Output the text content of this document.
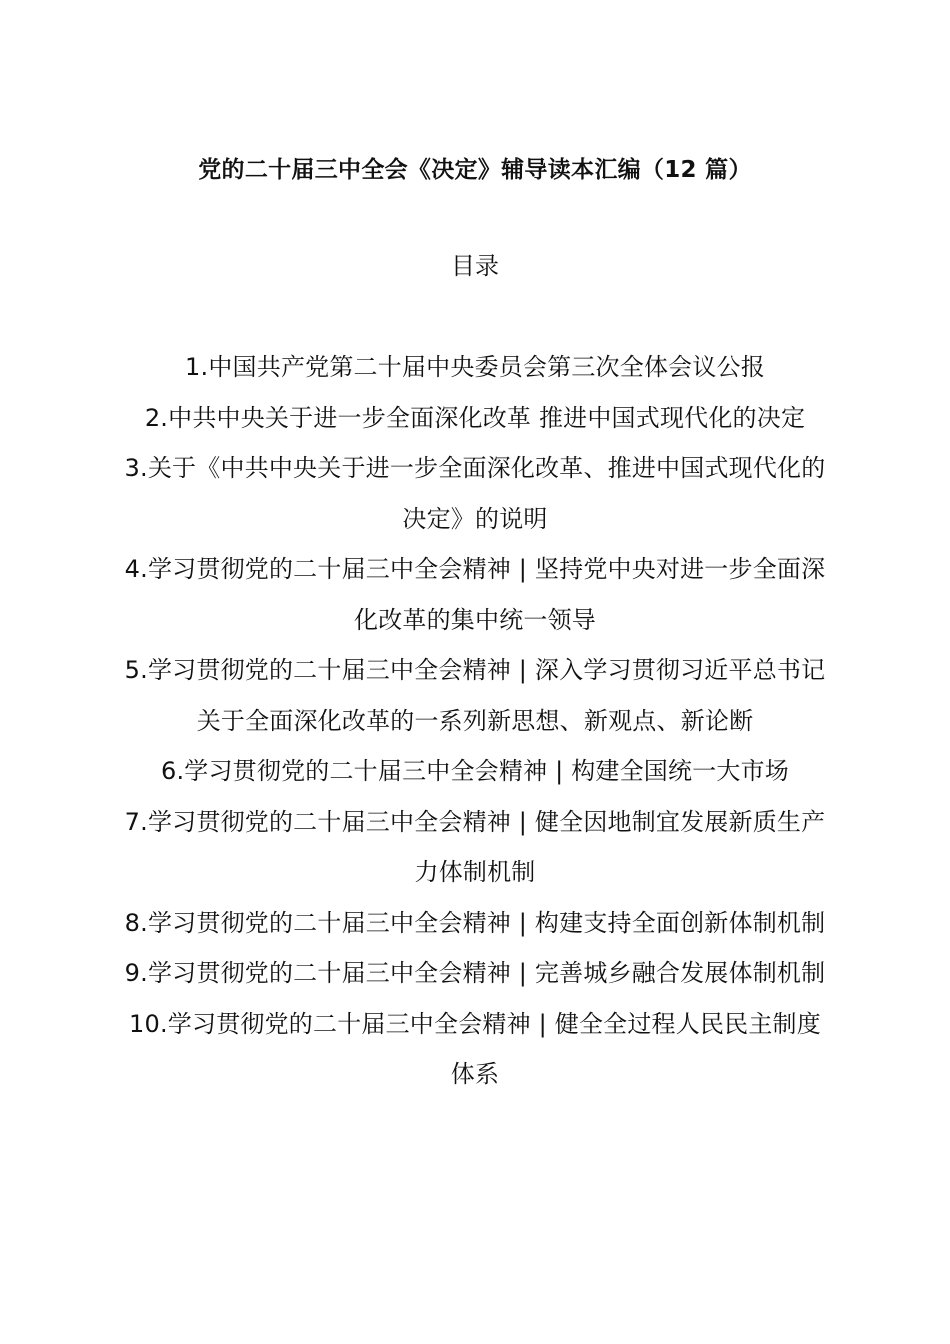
党的二十届三中全会《决定》辅导读本汇编（12 篇）
目录
1.中国共产党第二十届中央委员会第三次全体会议公报
2.中共中央关于进一步全面深化改革 推进中国式现代化的决定
3.关于《中共中央关于进一步全面深化改革、推进中国式现代化的决定》的说明
4.学习贯彻党的二十届三中全会精神 | 坚持党中央对进一步全面深化改革的集中统一领导
5.学习贯彻党的二十届三中全会精神 | 深入学习贯彻习近平总书记关于全面深化改革的一系列新思想、新观点、新论断
6.学习贯彻党的二十届三中全会精神 | 构建全国统一大市场
7.学习贯彻党的二十届三中全会精神 | 健全因地制宜发展新质生产力体制机制
8.学习贯彻党的二十届三中全会精神 | 构建支持全面创新体制机制
9.学习贯彻党的二十届三中全会精神 | 完善城乡融合发展体制机制
10.学习贯彻党的二十届三中全会精神 | 健全全过程人民民主制度体系
